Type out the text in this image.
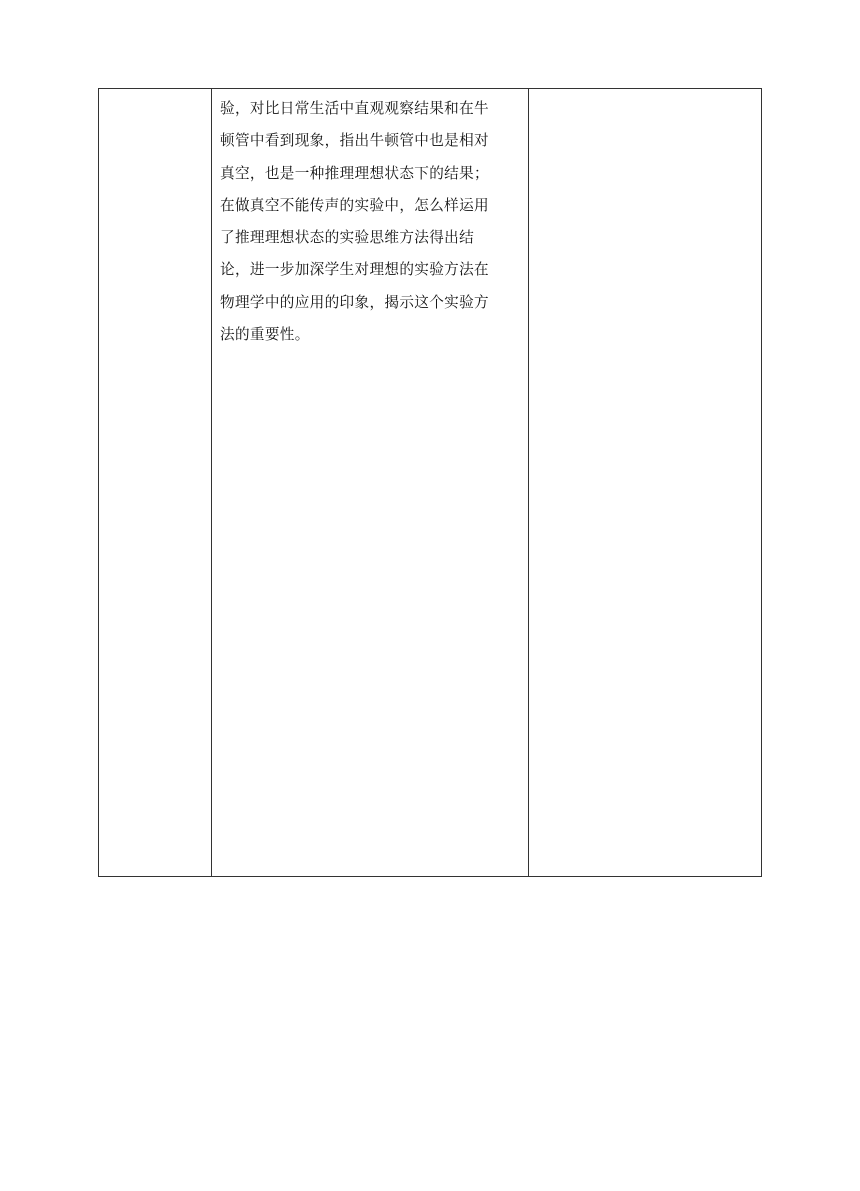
验，对比日常生活中直观观察结果和在牛
顿管中看到现象，指出牛顿管中也是相对
真空，也是一种推理理想状态下的结果；
在做真空不能传声的实验中，怎么样运用
了推理理想状态的实验思维方法得出结
论，进一步加深学生对理想的实验方法在
物理学中的应用的印象，揭示这个实验方
法的重要性。
